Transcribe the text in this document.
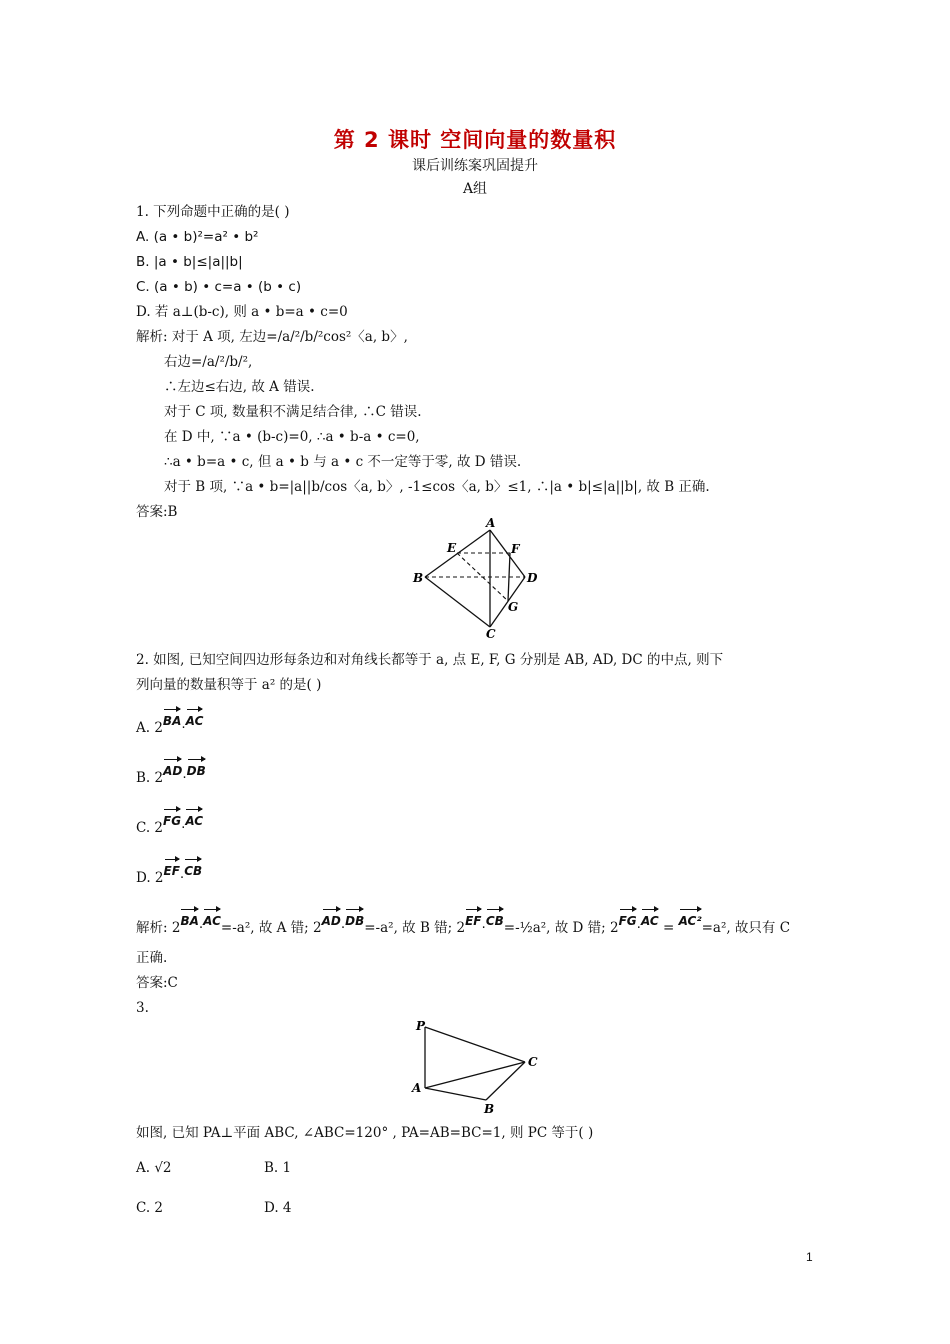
第 2 课时 空间向量的数量积
课后训练案巩固提升
A组
1. 下列命题中正确的是( )
A. (a • b)²=a² • b²
B. |a • b|≤|a||b|
C. (a • b) • c=a • (b • c)
D. 若 a⊥(b-c), 则 a • b=a • c=0
解析: 对于 A 项, 左边=/a/²/b/²cos²〈a, b〉,
右边=/a/²/b/²,
∴左边≤右边, 故 A 错误.
对于 C 项, 数量积不满足结合律, ∴C 错误.
在 D 中, ∵a • (b-c)=0, ∴a • b-a • c=0,
∴a • b=a • c, 但 a • b 与 a • c 不一定等于零, 故 D 错误.
对于 B 项, ∵a • b=|a||b/cos〈a, b〉, -1≤cos〈a, b〉≤1, ∴|a • b|≤|a||b|, 故 B 正确.
答案:B
A
E	F
B	D
G
C
2. 如图, 已知空间四边形每条边和对角线长都等于 a, 点 E, F, G 分别是 AB, AD, DC 的中点, 则下
列向量的数量积等于 a² 的是( )
A. 2BA·AC
B. 2AD·DB
C. 2FG·AC
D. 2EF·CB
解析: 2BA·AC=-a², 故 A 错; 2AD·DB=-a², 故 B 错; 2EF·CB=-½a², 故 D 错; 2FG·AC = AC²=a², 故只有 C
正确.
答案:C
3.
P
C
A
B
如图, 已知 PA⊥平面 ABC, ∠ABC=120° , PA=AB=BC=1, 则 PC 等于( )
A. √2	B. 1
C. 2	D. 4
1
